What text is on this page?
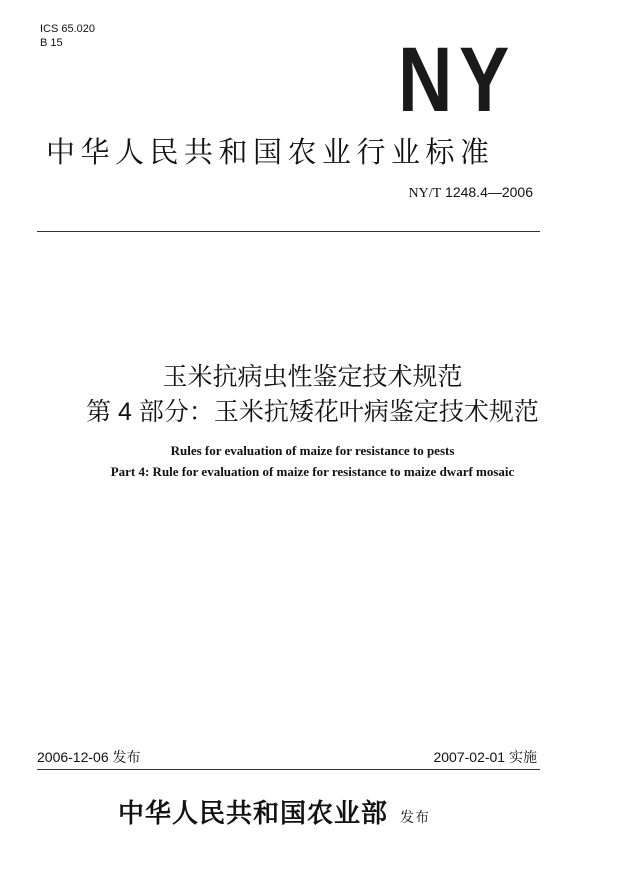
ICS 65.020
B 15	NY
中华人民共和国农业行业标准
NY/T 1248.4—2006
玉米抗病虫性鉴定技术规范
第 4 部分：玉米抗矮花叶病鉴定技术规范
Rules for evaluation of maize for resistance to pests
Part 4: Rule for evaluation of maize for resistance to maize dwarf mosaic
2006-12-06 发布	2007-02-01 实施
中华人民共和国农业部 发布
